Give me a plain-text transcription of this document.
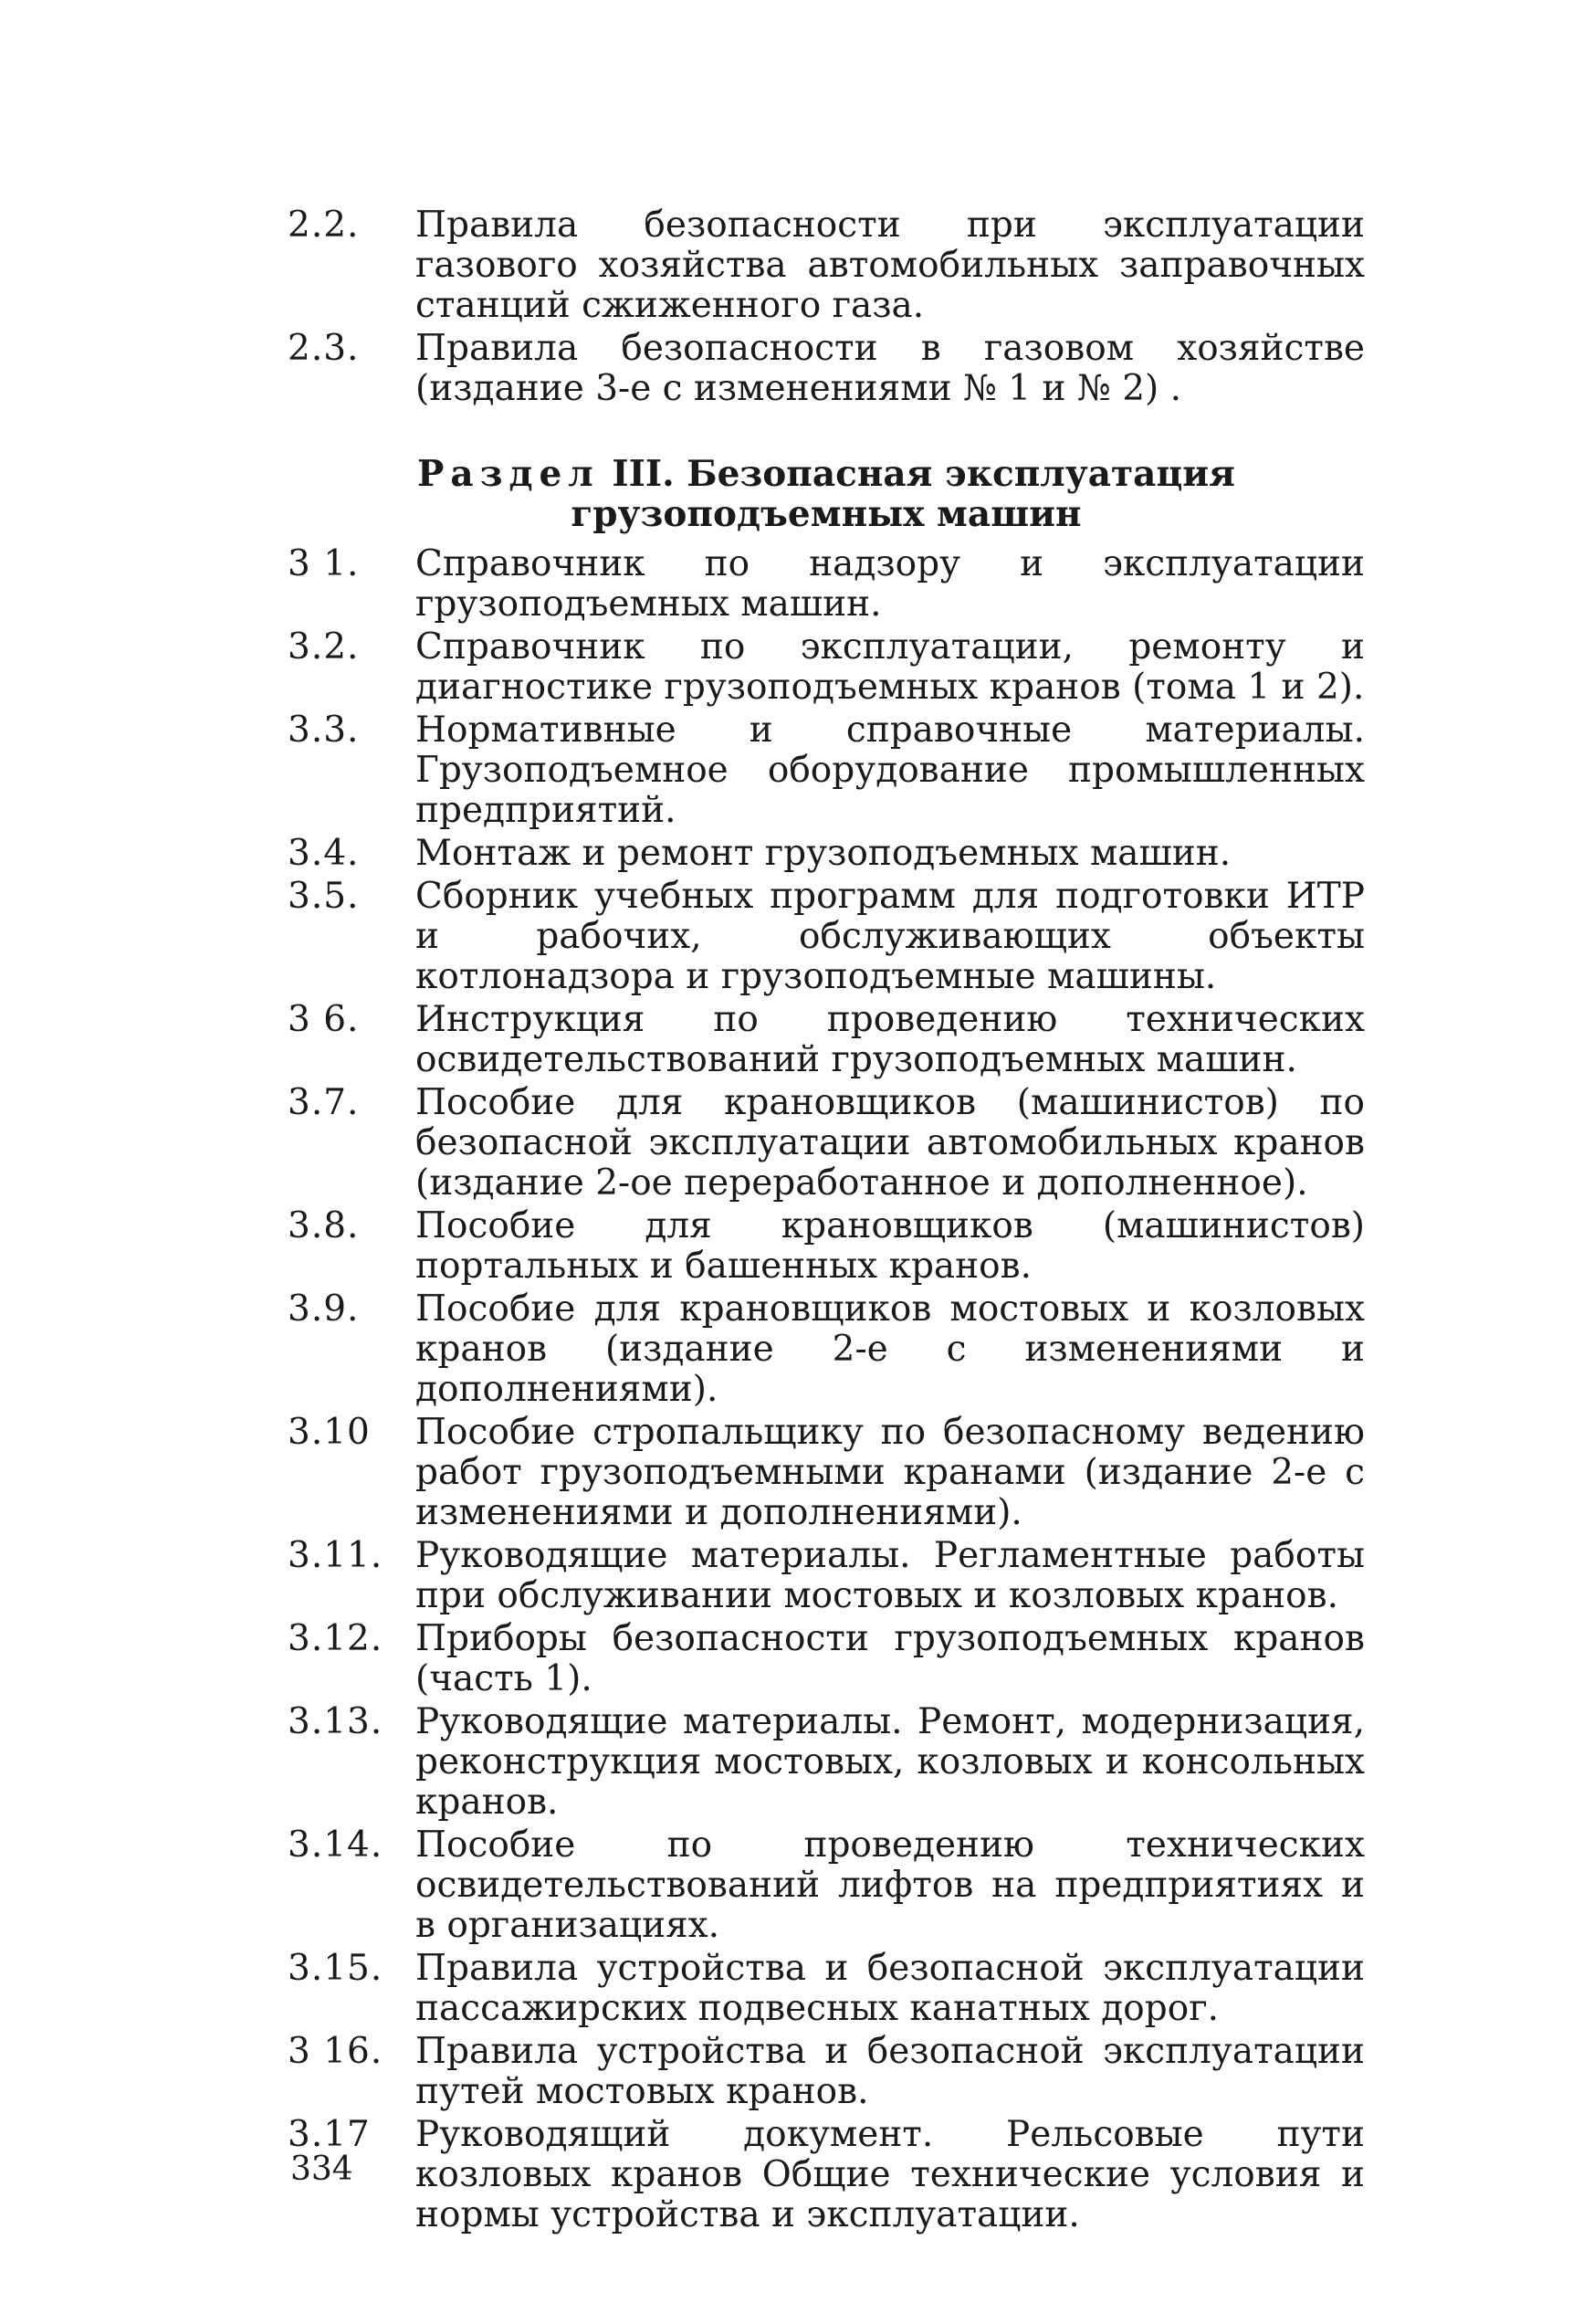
2.2.	Правила безопасности при эксплуатации газового хозяйства автомобильных заправочных станций сжиженного газа.
2.3.	Правила безопасности в газовом хозяйстве (издание 3-е с изменениями № 1 и № 2) .
Раздел III. Безопасная эксплуатация
грузоподъемных машин
3 1.	Справочник по надзору и эксплуатации грузоподъемных машин.
3.2.	Справочник по эксплуатации, ремонту и диагностике грузоподъемных кранов (тома 1 и 2).
3.3.	Нормативные и справочные материалы. Грузоподъемное оборудование промышленных предприятий.
3.4.	Монтаж и ремонт грузоподъемных машин.
3.5.	Сборник учебных программ для подготовки ИТР и рабочих, обслуживающих объекты котлонадзора и грузоподъемные машины.
3 6.	Инструкция по проведению технических освидетельствований грузоподъемных машин.
3.7.	Пособие для крановщиков (машинистов) по безопасной эксплуатации автомобильных кранов (издание 2-ое переработанное и дополненное).
3.8.	Пособие для крановщиков (машинистов) портальных и башенных кранов.
3.9.	Пособие для крановщиков мостовых и козловых кранов (издание 2-е с изменениями и дополнениями).
3.10	Пособие стропальщику по безопасному ведению работ грузоподъемными кранами (издание 2-е с изменениями и дополнениями).
3.11. Руководящие материалы. Регламентные работы при обслуживании мостовых и козловых кранов.
3.12. Приборы безопасности грузоподъемных кранов (часть 1).
3.13. Руководящие материалы. Ремонт, модернизация, реконструкция мостовых, козловых и консольных кранов.
3.14. Пособие по проведению технических освидетельствований лифтов на предприятиях и в организациях.
3.15. Правила устройства и безопасной эксплуатации пассажирских подвесных канатных дорог.
3 16. Правила устройства и безопасной эксплуатации путей мостовых кранов.
3.17	Руководящий документ. Рельсовые пути козловых кранов Общие технические условия и нормы устройства и эксплуатации.
334
